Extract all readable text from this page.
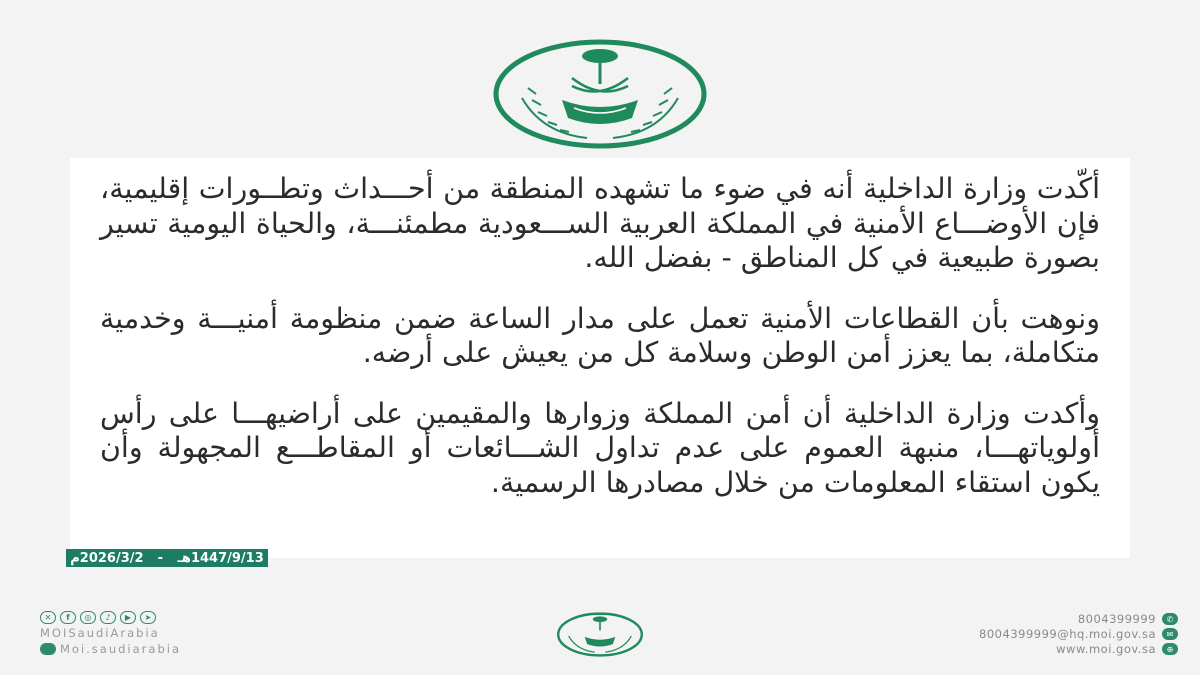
أكّدت وزارة الداخلية أنه في ضوء ما تشهده المنطقة من أحـــداث وتطــورات إقليمية، فإن الأوضـــاع الأمنية في المملكة العربية الســـعودية مطمئنـــة، والحياة اليومية تسير بصورة طبيعية في كل المناطق - بفضل الله.

ونوهت بأن القطاعات الأمنية تعمل على مدار الساعة ضمن منظومة أمنيـــة وخدمية متكاملة، بما يعزز أمن الوطن وسلامة كل من يعيش على أرضه.

وأكدت وزارة الداخلية أن أمن المملكة وزوارها والمقيمين على أراضيهـــا على رأس أولوياتهـــا، منبهة العموم على عدم تداول الشـــائعات أو المقاطـــع المجهولة وأن يكون استقاء المعلومات من خلال مصادرها الرسمية.

1447/9/13هـ
-
2026/3/2م
✕	f	◎	♪	▶	➤
MOISaudiArabia
Moi.saudiarabia
8004399999	✆
8004399999@hq.moi.gov.sa	✉
www.moi.gov.sa	⊕
